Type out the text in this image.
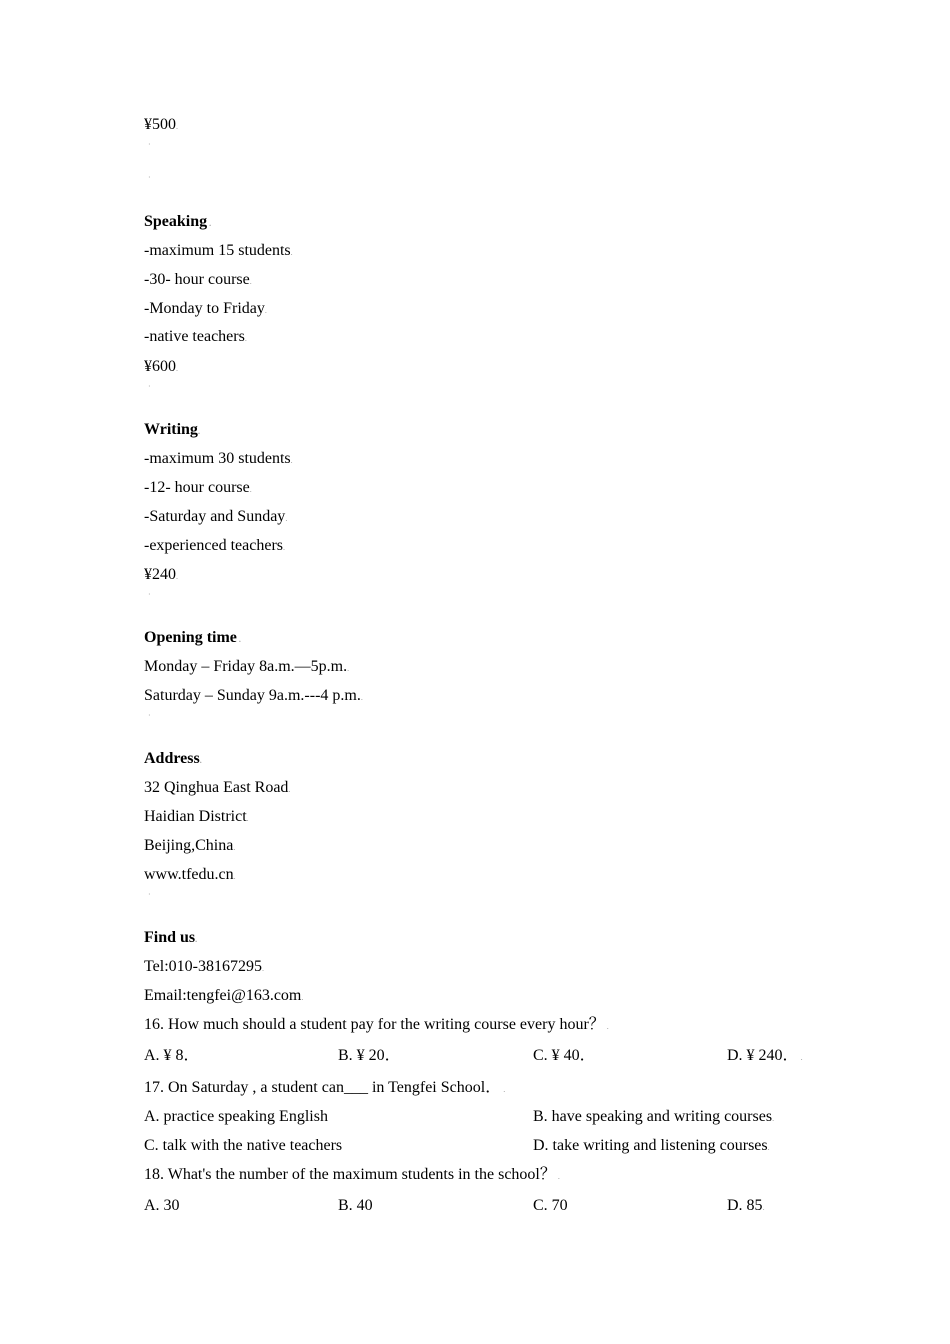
¥500.
·
·
Speaking .
-maximum 15 students.
-30- hour course.
-Monday to Friday.
-native teachers.
¥600.
·
Writing.
-maximum 30 students.
-12- hour course.
-Saturday and Sunday.
-experienced teachers.
¥240.
·
Opening time .
Monday – Friday 8a.m.—5p.m..
Saturday – Sunday 9a.m.---4 p.m..
·
Address.
32 Qinghua East Road.
Haidian District.
Beijing,China.
www.tfedu.cn.
·
Find us.
Tel:010-38167295.
Email:tengfei@163.com.
16. How much should a student pay for the writing course every hour？ .
A. ¥ 8．	B. ¥ 20．	C. ¥ 40．	D. ¥ 240． .
17. On Saturday , a student can___ in Tengfei School． .
A. practice speaking English	B. have speaking and writing courses.
C. talk with the native teachers	D. take writing and listening courses.
18. What's the number of the maximum students in the school？ .
A. 30	B. 40	C. 70	D. 85.
